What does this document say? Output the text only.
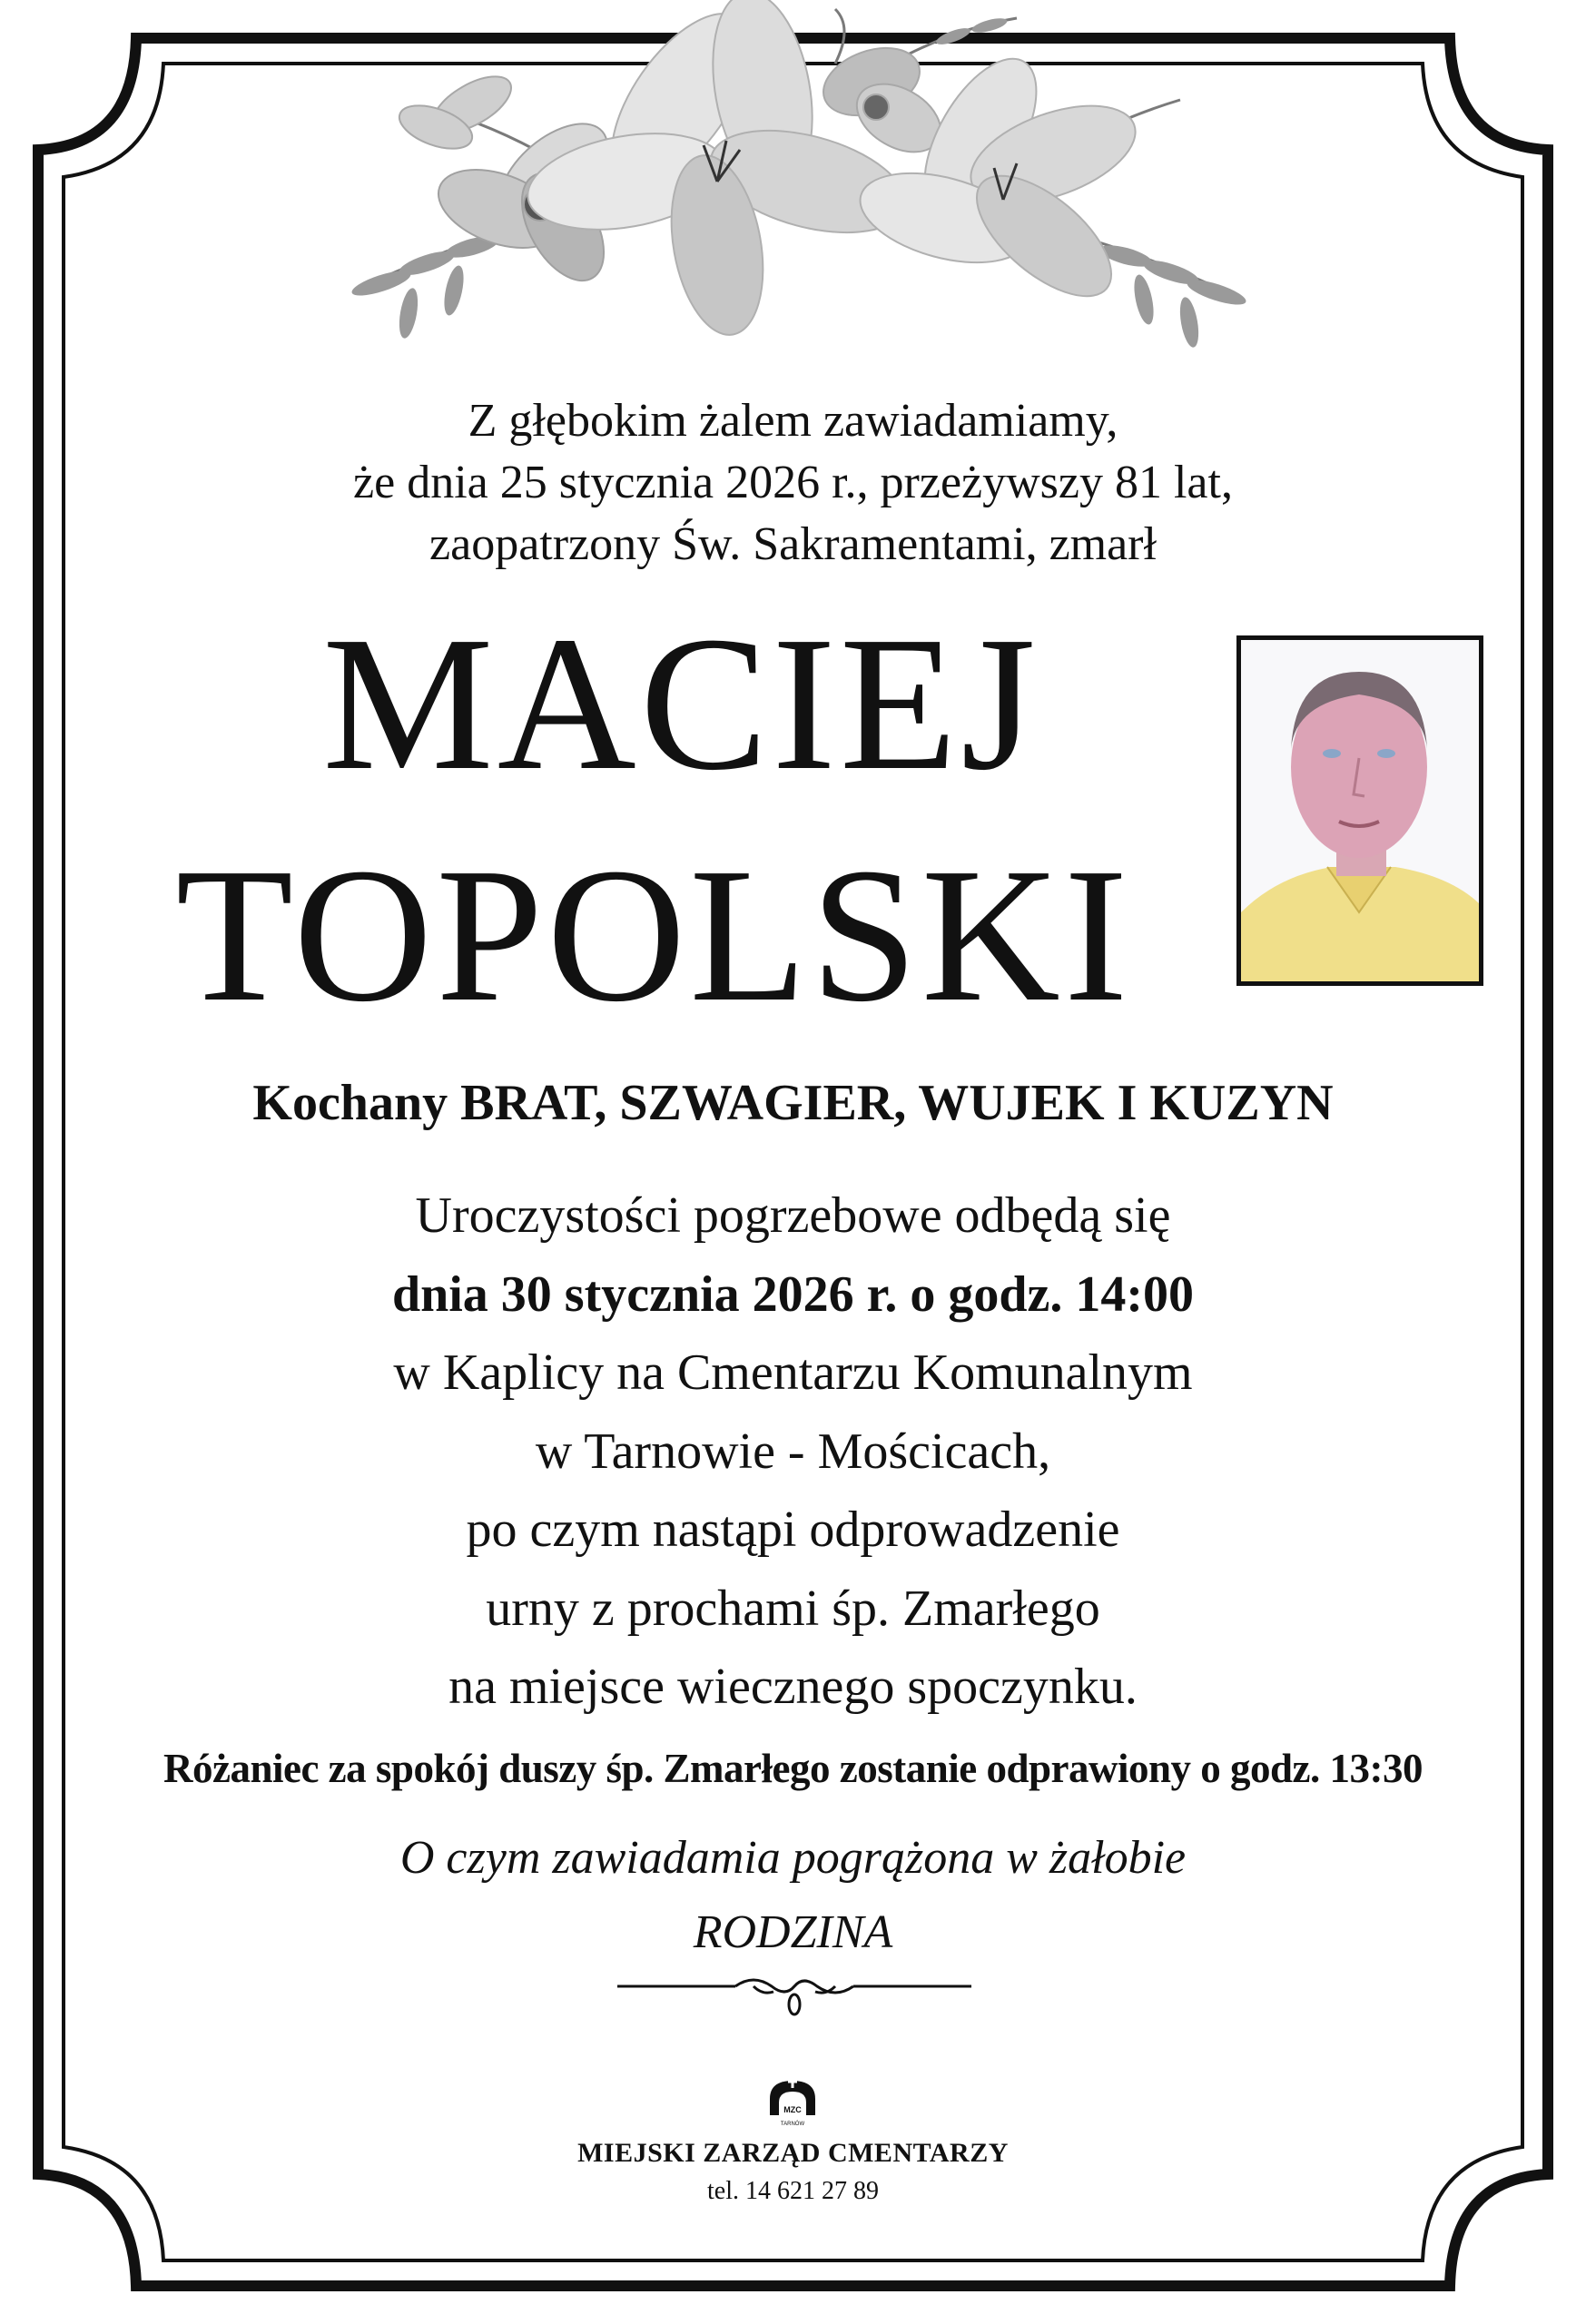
Z głębokim żalem zawiadamiamy,
że dnia 25 stycznia 2026 r., przeżywszy 81 lat,
zaopatrzony Św. Sakramentami, zmarł
MACIEJ
TOPOLSKI
Kochany BRAT, SZWAGIER, WUJEK I KUZYN
Uroczystości pogrzebowe odbędą się
dnia 30 stycznia 2026 r. o godz. 14:00
w Kaplicy na Cmentarzu Komunalnym
w Tarnowie - Mościcach,
po czym nastąpi odprowadzenie
urny z prochami śp. Zmarłego
na miejsce wiecznego spoczynku.
Różaniec za spokój duszy śp. Zmarłego zostanie odprawiony o godz. 13:30
O czym zawiadamia pogrążona w żałobie
RODZINA
MZC
TARNÓW
MIEJSKI ZARZĄD CMENTARZY
tel. 14 621 27 89
